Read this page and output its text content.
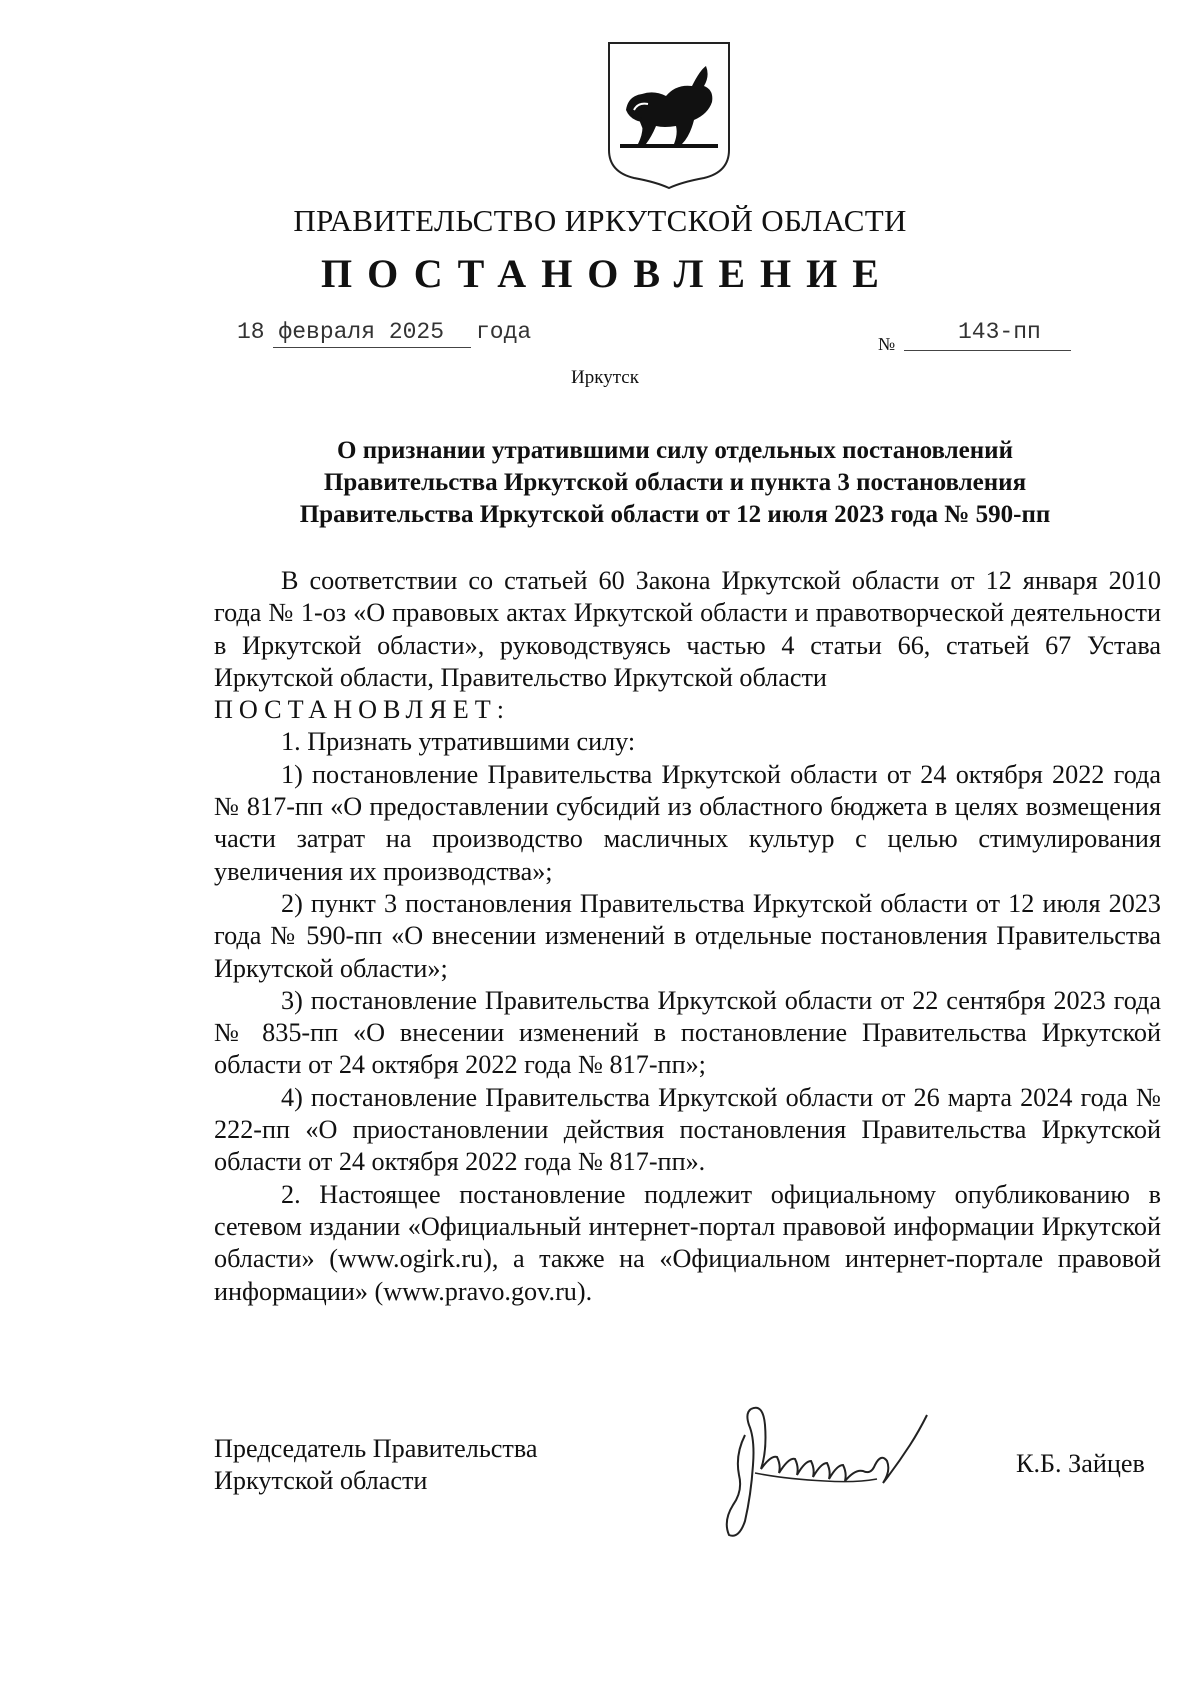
ПРАВИТЕЛЬСТВО ИРКУТСКОЙ ОБЛАСТИ
ПОСТАНОВЛЕНИЕ
18 февраля 2025 года	№	143-пп
Иркутск
О признании утратившими силу отдельных постановлений
Правительства Иркутской области и пункта 3 постановления
Правительства Иркутской области от 12 июля 2023 года № 590-пп

В соответствии со статьей 60 Закона Иркутской области от 12 января 2010 года № 1-оз «О правовых актах Иркутской области и правотворческой деятельности в Иркутской области», руководствуясь частью 4 статьи 66, статьей 67 Устава Иркутской области, Правительство Иркутской области

ПОСТАНОВЛЯЕТ:

1. Признать утратившими силу:

1) постановление Правительства Иркутской области от 24 октября 2022 года № 817-пп «О предоставлении субсидий из областного бюджета в целях возмещения части затрат на производство масличных культур с целью стимулирования увеличения их производства»;

2) пункт 3 постановления Правительства Иркутской области от 12 июля 2023 года № 590-пп «О внесении изменений в отдельные постановления Правительства Иркутской области»;

3) постановление Правительства Иркутской области от 22 сентября 2023 года № 835-пп «О внесении изменений в постановление Правительства Иркутской области от 24 октября 2022 года № 817-пп»;

4) постановление Правительства Иркутской области от 26 марта 2024 года № 222-пп «О приостановлении действия постановления Правительства Иркутской области от 24 октября 2022 года № 817-пп».

2. Настоящее постановление подлежит официальному опубликованию в сетевом издании «Официальный интернет-портал правовой информации Иркутской области» (www.ogirk.ru), а также на «Официальном интернет-портале правовой информации» (www.pravo.gov.ru).

Председатель Правительства
Иркутской области
К.Б. Зайцев
